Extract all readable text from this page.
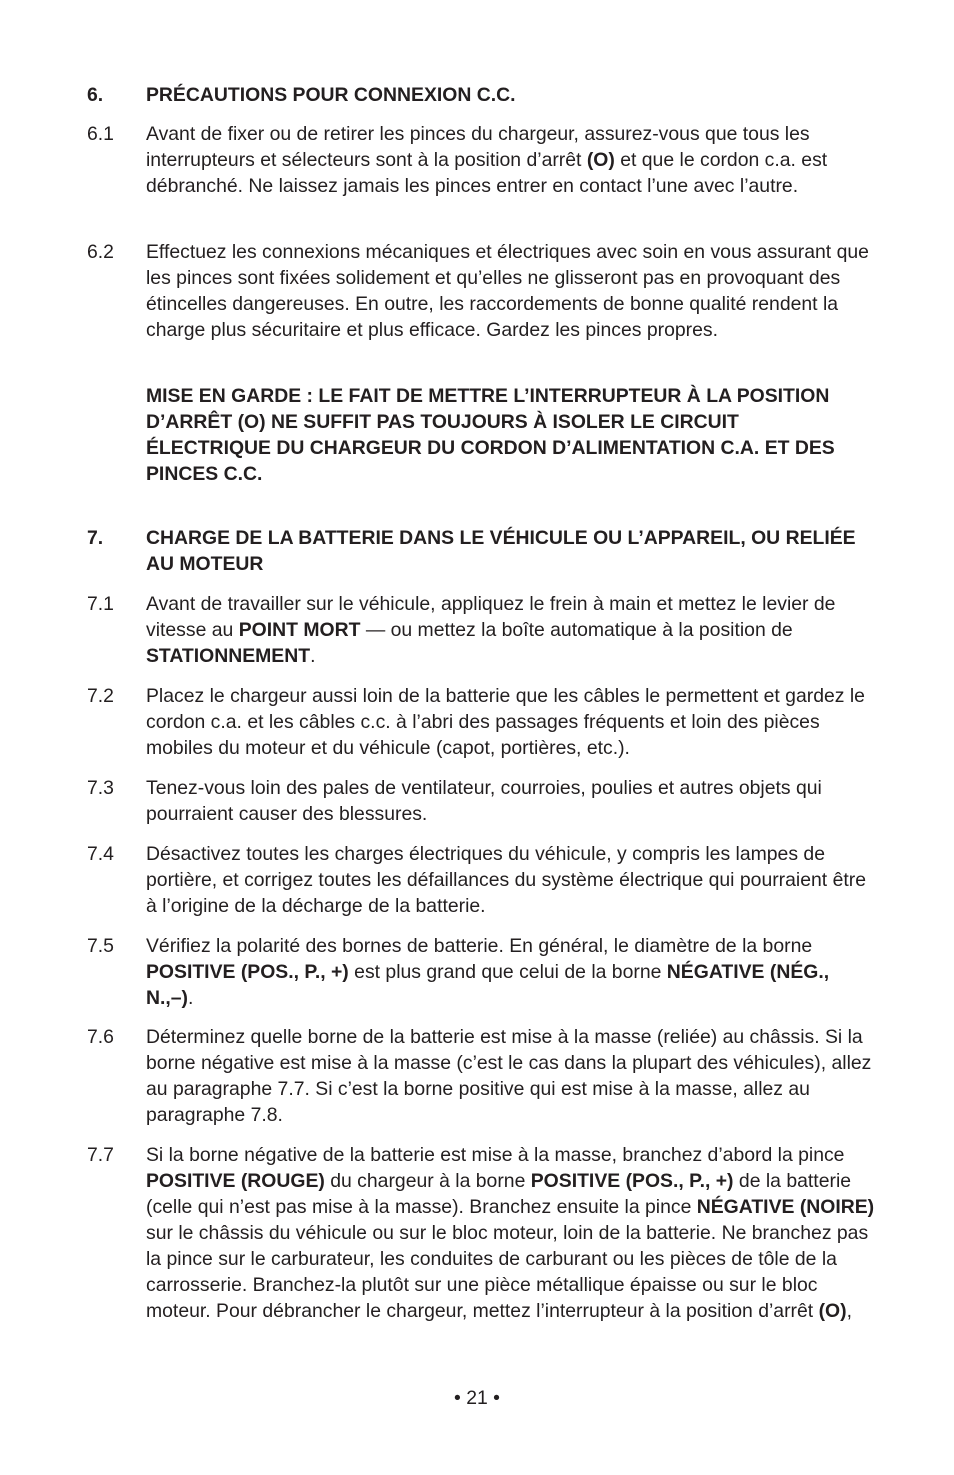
6.	PRÉCAUTIONS POUR CONNEXION C.C.
6.1	Avant de fixer ou de retirer les pinces du chargeur, assurez-vous que tous les interrupteurs et sélecteurs sont à la position d’arrêt (O) et que le cordon c.a. est débranché. Ne laissez jamais les pinces entrer en contact l’une avec l’autre.
6.2	Effectuez les connexions mécaniques et électriques avec soin en vous assurant que les pinces sont fixées solidement et qu’elles ne glisseront pas en provoquant des étincelles dangereuses. En outre, les raccordements de bonne qualité rendent la charge plus sécuritaire et plus efficace. Gardez les pinces propres.
MISE EN GARDE : LE FAIT DE METTRE L’INTERRUPTEUR À LA POSITION D’ARRÊT (O) NE SUFFIT PAS TOUJOURS À ISOLER LE CIRCUIT ÉLECTRIQUE DU CHARGEUR DU CORDON D’ALIMENTATION C.A. ET DES PINCES C.C.
7.	CHARGE DE LA BATTERIE DANS LE VÉHICULE OU L’APPAREIL, OU RELIÉE AU MOTEUR
7.1	Avant de travailler sur le véhicule, appliquez le frein à main et mettez le levier de vitesse au POINT MORT — ou mettez la boîte automatique à la position de STATIONNEMENT.
7.2	Placez le chargeur aussi loin de la batterie que les câbles le permettent et gardez le cordon c.a. et les câbles c.c. à l’abri des passages fréquents et loin des pièces mobiles du moteur et du véhicule (capot, portières, etc.).
7.3	Tenez-vous loin des pales de ventilateur, courroies, poulies et autres objets qui pourraient causer des blessures.
7.4	Désactivez toutes les charges électriques du véhicule, y compris les lampes de portière, et corrigez toutes les défaillances du système électrique qui pourraient être à l’origine de la décharge de la batterie.
7.5	Vérifiez la polarité des bornes de batterie. En général, le diamètre de la borne POSITIVE (POS., P., +) est plus grand que celui de la borne NÉGATIVE (NÉG., N.,–).
7.6	Déterminez quelle borne de la batterie est mise à la masse (reliée) au châssis. Si la borne négative est mise à la masse (c’est le cas dans la plupart des véhicules), allez au paragraphe 7.7. Si c’est la borne positive qui est mise à la masse, allez au paragraphe 7.8.
7.7	Si la borne négative de la batterie est mise à la masse, branchez d’abord la pince POSITIVE (ROUGE) du chargeur à la borne POSITIVE (POS., P., +) de la batterie (celle qui n’est pas mise à la masse). Branchez ensuite la pince NÉGATIVE (NOIRE) sur le châssis du véhicule ou sur le bloc moteur, loin de la batterie. Ne branchez pas la pince sur le carburateur, les conduites de carburant ou les pièces de tôle de la carrosserie. Branchez-la plutôt sur une pièce métallique épaisse ou sur le bloc moteur. Pour débrancher le chargeur, mettez l’interrupteur à la position d’arrêt (O),
• 21 •
